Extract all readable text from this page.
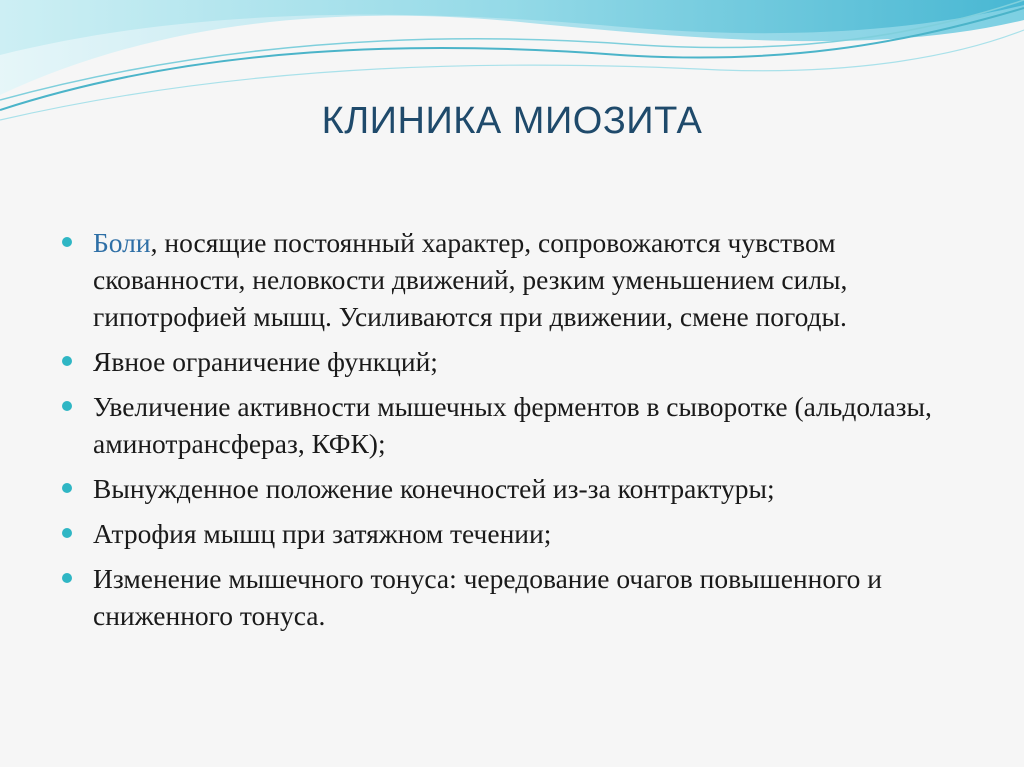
КЛИНИКА МИОЗИТА
Боли, носящие постоянный характер, сопровожаются чувством скованности, неловкости движений, резким уменьшением силы, гипотрофией мышц. Усиливаются при движении, смене погоды.
Явное ограничение функций;
Увеличение активности мышечных ферментов в сыворотке (альдолазы, аминотрансфераз, КФК);
Вынужденное положение конечностей из-за контрактуры;
Атрофия мышц при затяжном течении;
Изменение мышечного тонуса: чередование очагов повышенного и сниженного тонуса.
